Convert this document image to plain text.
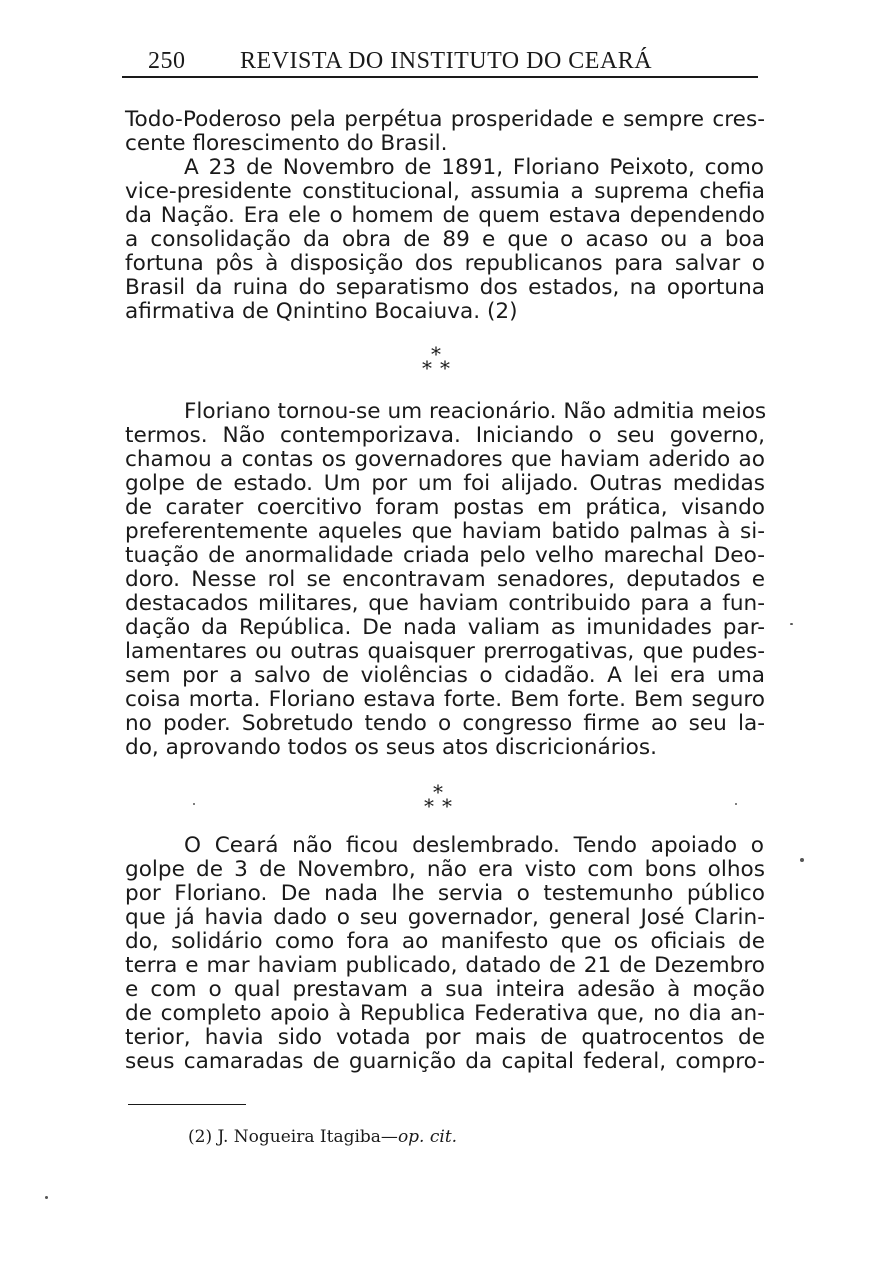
250 REVISTA DO INSTITUTO DO CEARÁ
Todo-Poderoso pela perpétua prosperidade e sempre cres-
cente florescimento do Brasil.
A 23 de Novembro de 1891, Floriano Peixoto, como
vice-presidente constitucional, assumia a suprema chefia
da Nação. Era ele o homem de quem estava dependendo
a consolidação da obra de 89 e que o acaso ou a boa
fortuna pôs à disposição dos republicanos para salvar o
Brasil da ruina do separatismo dos estados, na oportuna
afirmativa de Qnintino Bocaiuva. (2)
*
* *
Floriano tornou-se um reacionário. Não admitia meios
termos. Não contemporizava. Iniciando o seu governo,
chamou a contas os governadores que haviam aderido ao
golpe de estado. Um por um foi alijado. Outras medidas
de carater coercitivo foram postas em prática, visando
preferentemente aqueles que haviam batido palmas à si-
tuação de anormalidade criada pelo velho marechal Deo-
doro. Nesse rol se encontravam senadores, deputados e
destacados militares, que haviam contribuido para a fun-
dação da República. De nada valiam as imunidades par-
lamentares ou outras quaisquer prerrogativas, que pudes-
sem por a salvo de violências o cidadão. A lei era uma
coisa morta. Floriano estava forte. Bem forte. Bem seguro
no poder. Sobretudo tendo o congresso firme ao seu la-
do, aprovando todos os seus atos discricionários.
*
* *
O Ceará não ficou deslembrado. Tendo apoiado o
golpe de 3 de Novembro, não era visto com bons olhos
por Floriano. De nada lhe servia o testemunho público
que já havia dado o seu governador, general José Clarin-
do, solidário como fora ao manifesto que os oficiais de
terra e mar haviam publicado, datado de 21 de Dezembro
e com o qual prestavam a sua inteira adesão à moção
de completo apoio à Republica Federativa que, no dia an-
terior, havia sido votada por mais de quatrocentos de
seus camaradas de guarnição da capital federal, compro-
(2) J. Nogueira Itagiba—op. cit.
